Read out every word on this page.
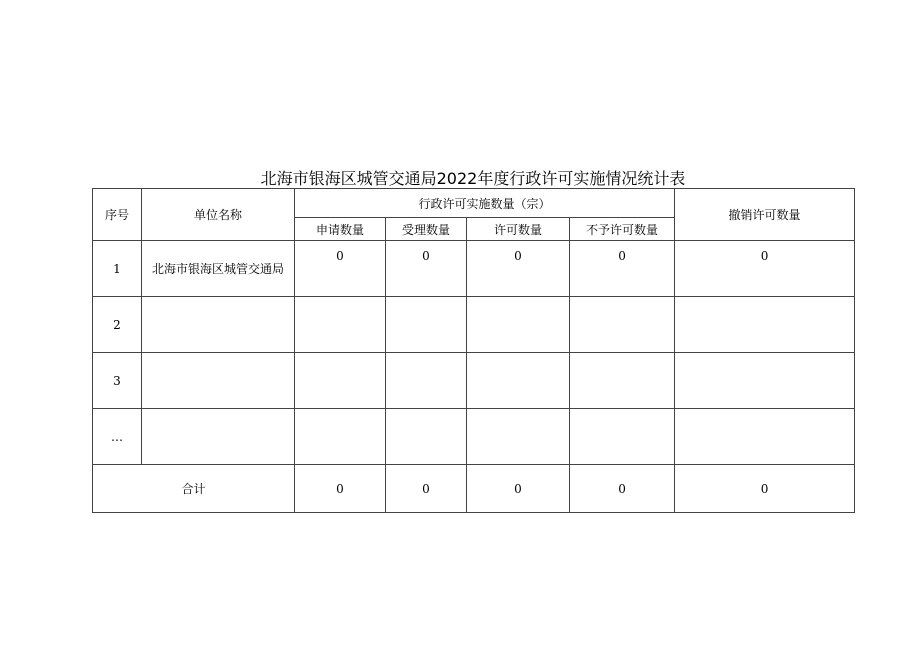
北海市银海区城管交通局2022年度行政许可实施情况统计表
序号	单位名称	行政许可实施数量（宗）				撤销许可数量
		申请数量	受理数量	许可数量	不予许可数量	
1	北海市银海区城管交通局	0	0	0	0	0
2						
3						
…						
合计		0	0	0	0	0
